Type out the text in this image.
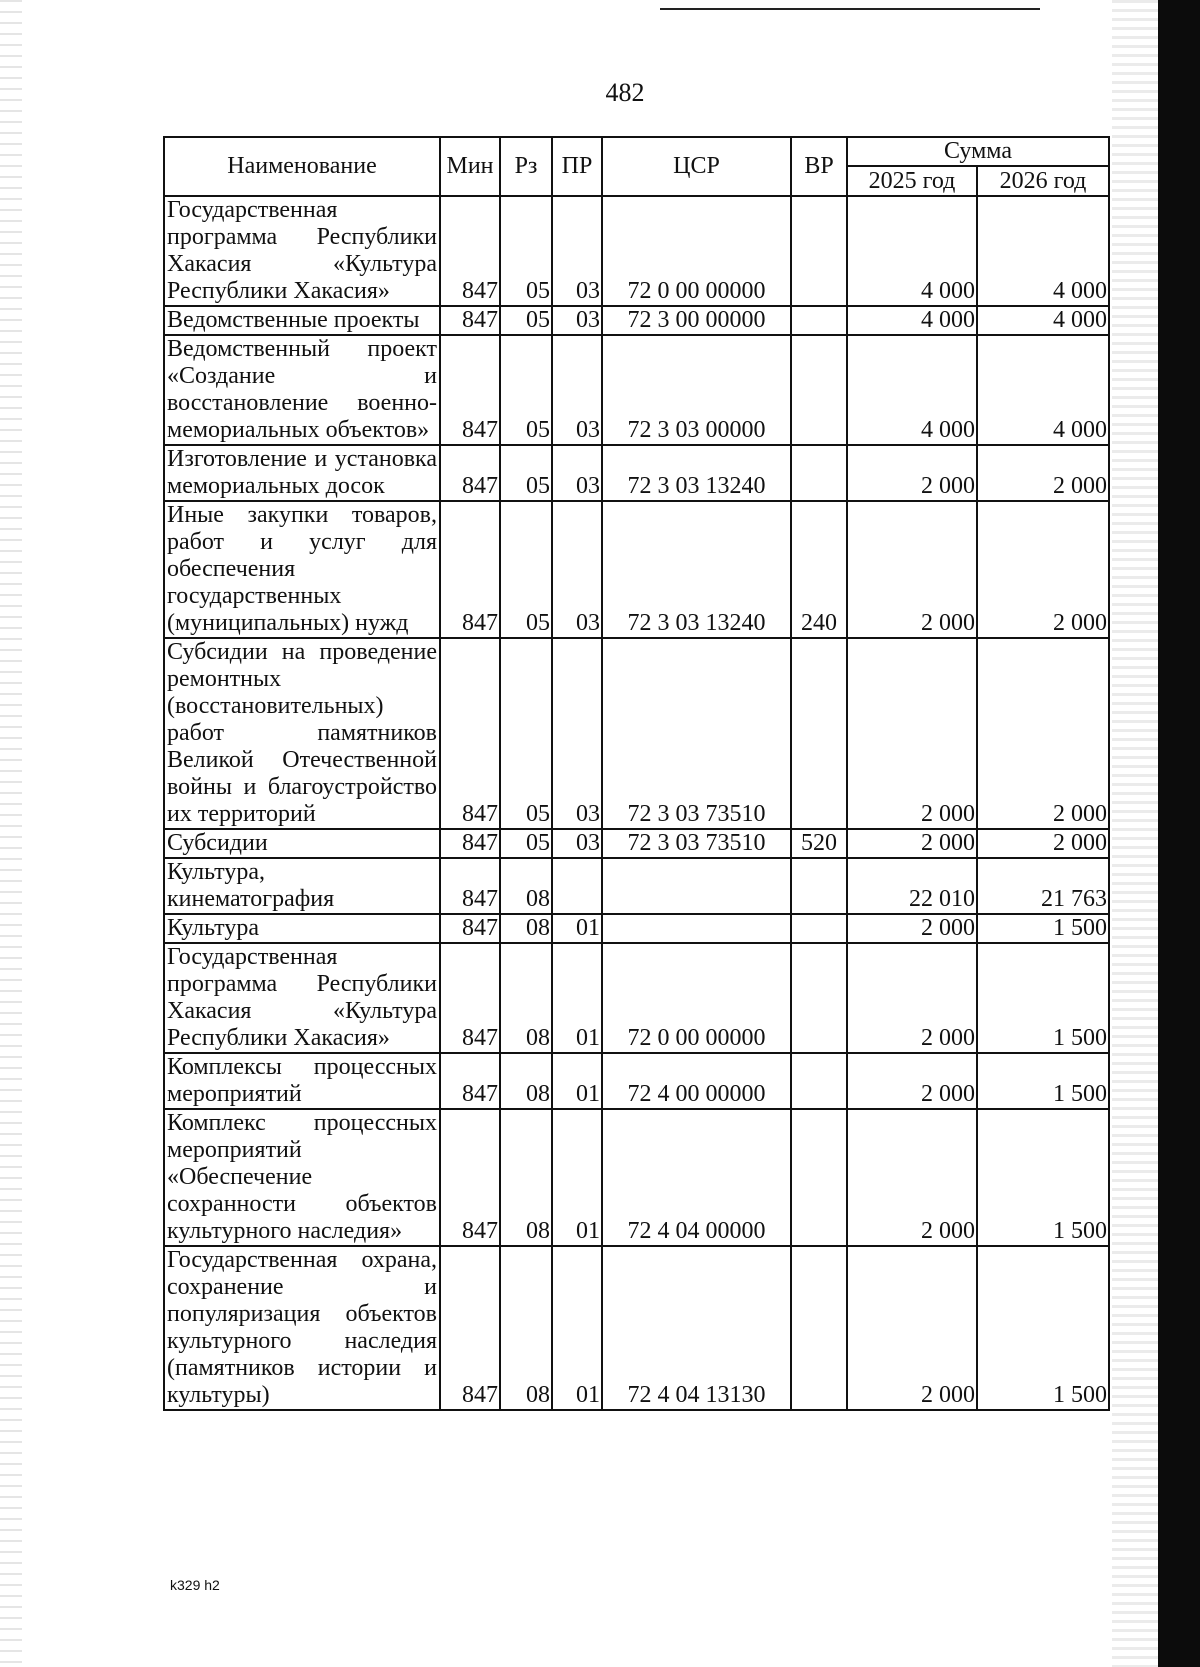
482
Наименование	Мин	Рз	ПР	ЦСР	ВР	Сумма	
						2025 год	2026 год
Государственная программа Республики Хакасия «Культура Республики Хакасия»	847	05	03	72 0 00 00000		4 000	4 000
Ведомственные проекты	847	05	03	72 3 00 00000		4 000	4 000
Ведомственный проект «Создание и восстановление военно-мемориальных объектов»	847	05	03	72 3 03 00000		4 000	4 000
Изготовление и установка мемориальных досок	847	05	03	72 3 03 13240		2 000	2 000
Иные закупки товаров, работ и услуг для обеспечения государственных (муниципальных) нужд	847	05	03	72 3 03 13240	240	2 000	2 000
Субсидии на проведение ремонтных (восстановительных) работ памятников Великой Отечественной войны и благоустройство их территорий	847	05	03	72 3 03 73510		2 000	2 000
Субсидии	847	05	03	72 3 03 73510	520	2 000	2 000
Культура, кинематография	847	08				22 010	21 763
Культура	847	08	01			2 000	1 500
Государственная программа Республики Хакасия «Культура Республики Хакасия»	847	08	01	72 0 00 00000		2 000	1 500
Комплексы процессных мероприятий	847	08	01	72 4 00 00000		2 000	1 500
Комплекс процессных мероприятий «Обеспечение сохранности объектов культурного наследия»	847	08	01	72 4 04 00000		2 000	1 500
Государственная охрана, сохранение и популяризация объектов культурного наследия (памятников истории и культуры)	847	08	01	72 4 04 13130		2 000	1 500
k329 h2
